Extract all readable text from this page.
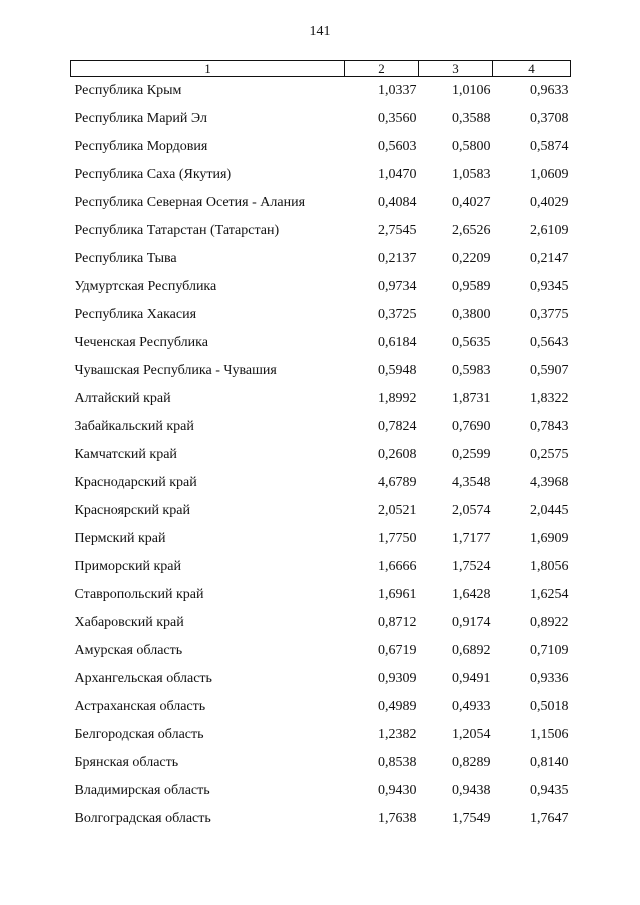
141
1	2	3	4
Республика Крым	1,0337	1,0106	0,9633
Республика Марий Эл	0,3560	0,3588	0,3708
Республика Мордовия	0,5603	0,5800	0,5874
Республика Саха (Якутия)	1,0470	1,0583	1,0609
Республика Северная Осетия - Алания	0,4084	0,4027	0,4029
Республика Татарстан (Татарстан)	2,7545	2,6526	2,6109
Республика Тыва	0,2137	0,2209	0,2147
Удмуртская Республика	0,9734	0,9589	0,9345
Республика Хакасия	0,3725	0,3800	0,3775
Чеченская Республика	0,6184	0,5635	0,5643
Чувашская Республика - Чувашия	0,5948	0,5983	0,5907
Алтайский край	1,8992	1,8731	1,8322
Забайкальский край	0,7824	0,7690	0,7843
Камчатский край	0,2608	0,2599	0,2575
Краснодарский край	4,6789	4,3548	4,3968
Красноярский край	2,0521	2,0574	2,0445
Пермский край	1,7750	1,7177	1,6909
Приморский край	1,6666	1,7524	1,8056
Ставропольский край	1,6961	1,6428	1,6254
Хабаровский край	0,8712	0,9174	0,8922
Амурская область	0,6719	0,6892	0,7109
Архангельская область	0,9309	0,9491	0,9336
Астраханская область	0,4989	0,4933	0,5018
Белгородская область	1,2382	1,2054	1,1506
Брянская область	0,8538	0,8289	0,8140
Владимирская область	0,9430	0,9438	0,9435
Волгоградская область	1,7638	1,7549	1,7647
